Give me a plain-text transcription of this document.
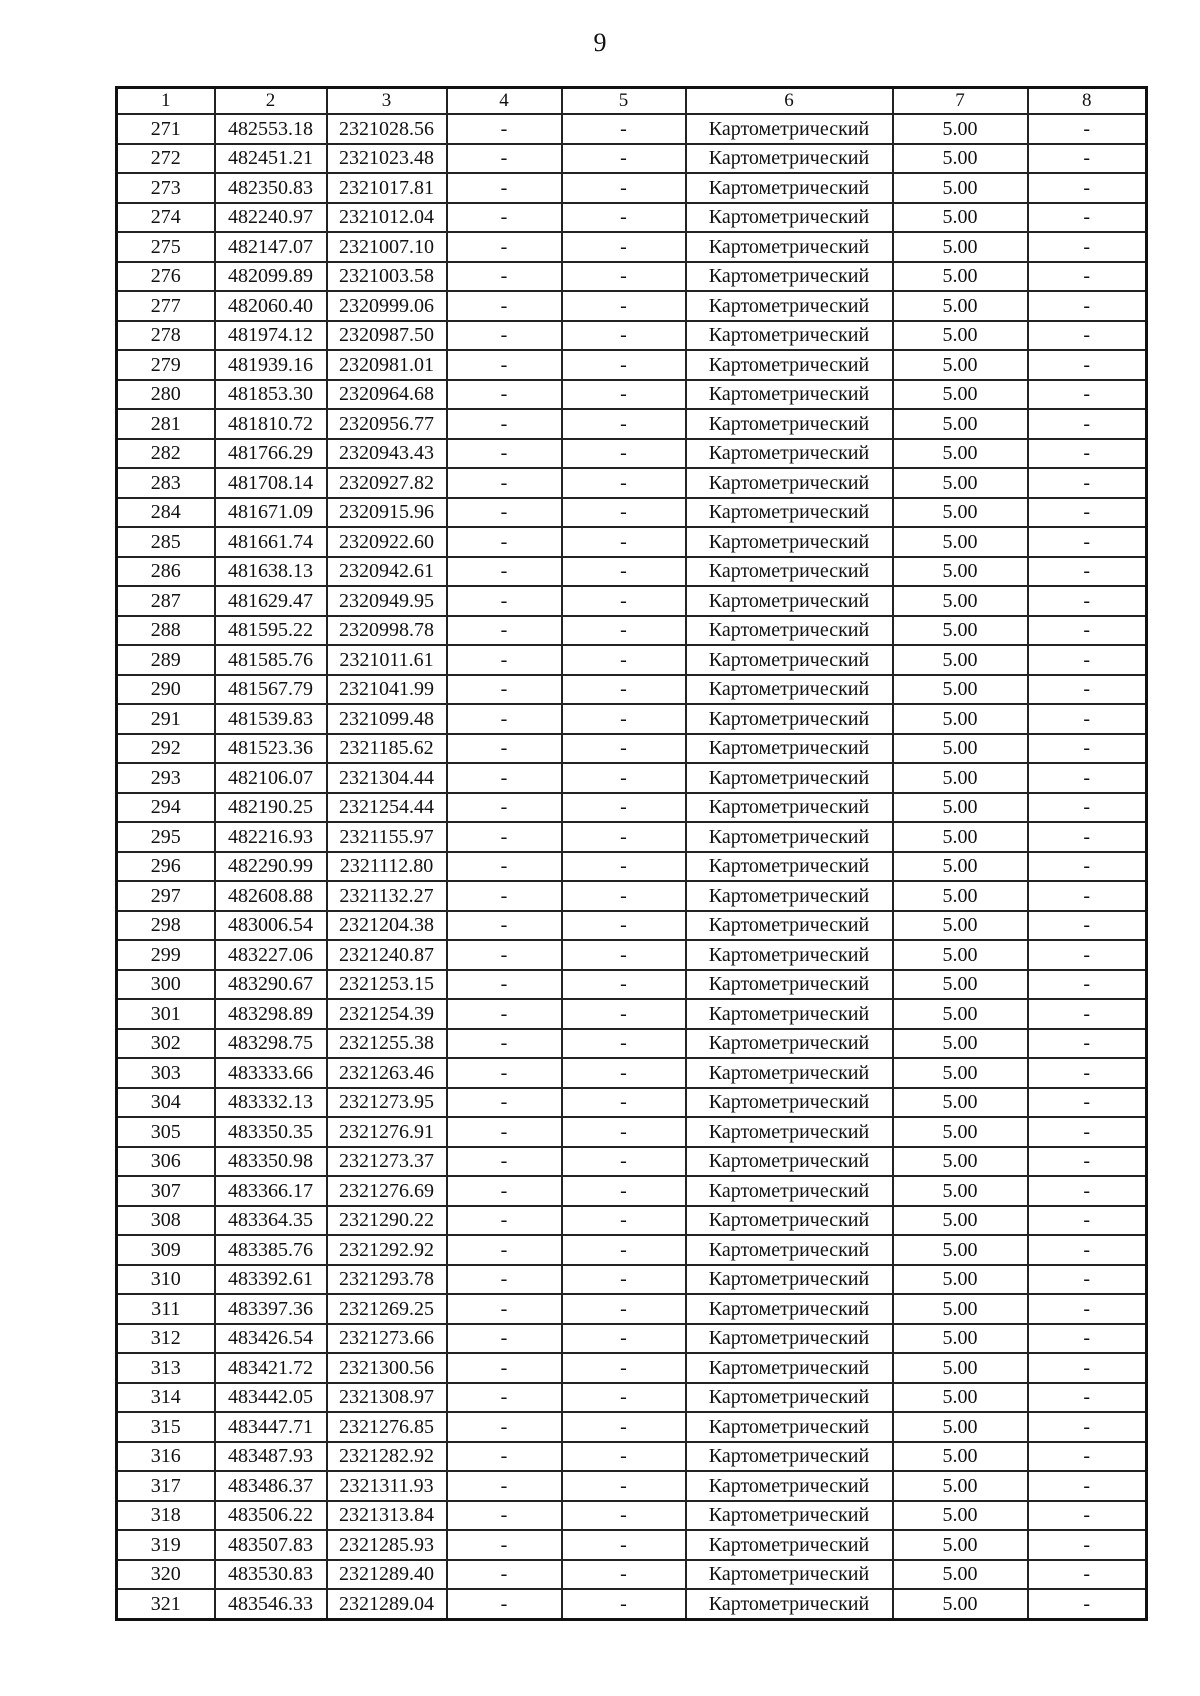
9
1	2	3	4	5	6	7	8
271	482553.18	2321028.56	-	-	Картометрический	5.00	-
272	482451.21	2321023.48	-	-	Картометрический	5.00	-
273	482350.83	2321017.81	-	-	Картометрический	5.00	-
274	482240.97	2321012.04	-	-	Картометрический	5.00	-
275	482147.07	2321007.10	-	-	Картометрический	5.00	-
276	482099.89	2321003.58	-	-	Картометрический	5.00	-
277	482060.40	2320999.06	-	-	Картометрический	5.00	-
278	481974.12	2320987.50	-	-	Картометрический	5.00	-
279	481939.16	2320981.01	-	-	Картометрический	5.00	-
280	481853.30	2320964.68	-	-	Картометрический	5.00	-
281	481810.72	2320956.77	-	-	Картометрический	5.00	-
282	481766.29	2320943.43	-	-	Картометрический	5.00	-
283	481708.14	2320927.82	-	-	Картометрический	5.00	-
284	481671.09	2320915.96	-	-	Картометрический	5.00	-
285	481661.74	2320922.60	-	-	Картометрический	5.00	-
286	481638.13	2320942.61	-	-	Картометрический	5.00	-
287	481629.47	2320949.95	-	-	Картометрический	5.00	-
288	481595.22	2320998.78	-	-	Картометрический	5.00	-
289	481585.76	2321011.61	-	-	Картометрический	5.00	-
290	481567.79	2321041.99	-	-	Картометрический	5.00	-
291	481539.83	2321099.48	-	-	Картометрический	5.00	-
292	481523.36	2321185.62	-	-	Картометрический	5.00	-
293	482106.07	2321304.44	-	-	Картометрический	5.00	-
294	482190.25	2321254.44	-	-	Картометрический	5.00	-
295	482216.93	2321155.97	-	-	Картометрический	5.00	-
296	482290.99	2321112.80	-	-	Картометрический	5.00	-
297	482608.88	2321132.27	-	-	Картометрический	5.00	-
298	483006.54	2321204.38	-	-	Картометрический	5.00	-
299	483227.06	2321240.87	-	-	Картометрический	5.00	-
300	483290.67	2321253.15	-	-	Картометрический	5.00	-
301	483298.89	2321254.39	-	-	Картометрический	5.00	-
302	483298.75	2321255.38	-	-	Картометрический	5.00	-
303	483333.66	2321263.46	-	-	Картометрический	5.00	-
304	483332.13	2321273.95	-	-	Картометрический	5.00	-
305	483350.35	2321276.91	-	-	Картометрический	5.00	-
306	483350.98	2321273.37	-	-	Картометрический	5.00	-
307	483366.17	2321276.69	-	-	Картометрический	5.00	-
308	483364.35	2321290.22	-	-	Картометрический	5.00	-
309	483385.76	2321292.92	-	-	Картометрический	5.00	-
310	483392.61	2321293.78	-	-	Картометрический	5.00	-
311	483397.36	2321269.25	-	-	Картометрический	5.00	-
312	483426.54	2321273.66	-	-	Картометрический	5.00	-
313	483421.72	2321300.56	-	-	Картометрический	5.00	-
314	483442.05	2321308.97	-	-	Картометрический	5.00	-
315	483447.71	2321276.85	-	-	Картометрический	5.00	-
316	483487.93	2321282.92	-	-	Картометрический	5.00	-
317	483486.37	2321311.93	-	-	Картометрический	5.00	-
318	483506.22	2321313.84	-	-	Картометрический	5.00	-
319	483507.83	2321285.93	-	-	Картометрический	5.00	-
320	483530.83	2321289.40	-	-	Картометрический	5.00	-
321	483546.33	2321289.04	-	-	Картометрический	5.00	-
